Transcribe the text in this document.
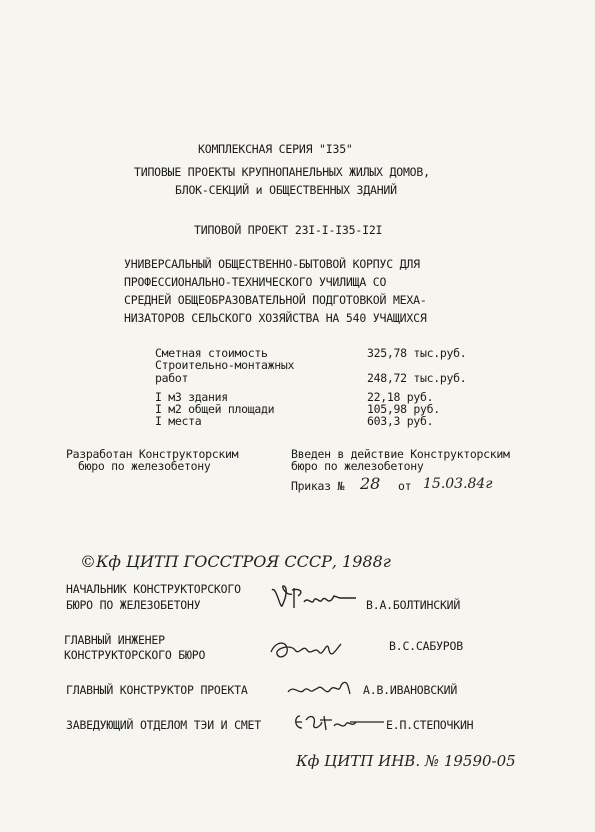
КОМПЛЕКСНАЯ СЕРИЯ "I35"
ТИПОВЫЕ ПРОЕКТЫ КРУПНОПАНЕЛЬНЫХ ЖИЛЫХ ДОМОВ,
БЛОК-СЕКЦИЙ и ОБЩЕСТВЕННЫХ ЗДАНИЙ
ТИПОВОЙ ПРОЕКТ 23I-I-I35-I2I
УНИВЕРСАЛЬНЫЙ ОБЩЕСТВЕННО-БЫТОВОЙ КОРПУС ДЛЯ
ПРОФЕССИОНАЛЬНО-ТЕХНИЧЕСКОГО УЧИЛИЩА СО
СРЕДНЕЙ ОБЩЕОБРАЗОВАТЕЛЬНОЙ ПОДГОТОВКОЙ МЕХА-
НИЗАТОРОВ СЕЛЬСКОГО ХОЗЯЙСТВА НА 540 УЧАЩИХСЯ
Сметная стоимость	325,78 тыс.руб.
Строительно-монтажных
работ	248,72 тыс.руб.
I м3 здания	22,18 руб.
I м2 общей площади	105,98 руб.
I места	603,3 руб.
Разработан Конструкторским
бюро по железобетону
Введен в действие Конструкторским
бюро по железобетону
Приказ № 28 от 15.03.84г
©Кф ЦИТП ГОССТРОЯ СССР, 1988г
НАЧАЛЬНИК КОНСТРУКТОРСКОГО
БЮРО ПО ЖЕЛЕЗОБЕТОНУ	В.А.БОЛТИНСКИЙ
ГЛАВНЫЙ ИНЖЕНЕР
КОНСТРУКТОРСКОГО БЮРО
В.С.САБУРОВ
ГЛАВНЫЙ КОНСТРУКТОР ПРОЕКТА	А.В.ИВАНОВСКИЙ
ЗАВЕДУЮЩИЙ ОТДЕЛОМ ТЭИ И СМЕТ	Е.П.СТЕПОЧКИН
Кф ЦИТП ИНВ. № 19590-05
